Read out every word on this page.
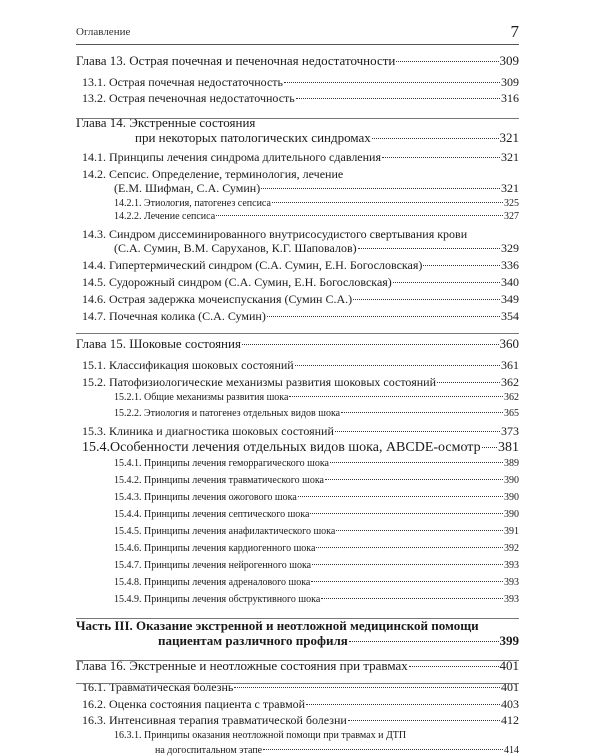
Оглавление	7
Глава 13. Острая почечная и печеночная недостаточности	309
13.1. Острая почечная недостаточность	309
13.2. Острая печеночная недостаточность	316
Глава 14. Экстренные состояния
при некоторых патологических синдромах	321
14.1. Принципы лечения синдрома длительного сдавления	321
14.2. Сепсис. Определение, терминология, лечение
(Е.М. Шифман, С.А. Сумин)	321
14.2.1. Этиология, патогенез сепсиса	325
14.2.2. Лечение сепсиса	327
14.3. Синдром диссеминированного внутрисосудистого свертывания крови
(С.А. Сумин, В.М. Саруханов, К.Г. Шаповалов)	329
14.4. Гипертермический синдром (С.А. Сумин, Е.Н. Богословская)	336
14.5. Судорожный синдром (С.А. Сумин, Е.Н. Богословская)	340
14.6. Острая задержка мочеиспускания (Сумин С.А.)	349
14.7. Почечная колика (С.А. Сумин)	354
Глава 15. Шоковые состояния	360
15.1. Классификация шоковых состояний	361
15.2. Патофизиологические механизмы развития шоковых состояний	362
15.2.1. Общие механизмы развития шока	362
15.2.2. Этиология и патогенез отдельных видов шока	365
15.3. Клиника и диагностика шоковых состояний	373
15.4.Особенности лечения отдельных видов шока, ABCDE-осмотр 381
15.4.1. Принципы лечения геморрагического шока	389
15.4.2. Принципы лечения травматического шока	390
15.4.3. Принципы лечения ожогового шока	390
15.4.4. Принципы лечения септического шока	390
15.4.5. Принципы лечения анафилактического шока	391
15.4.6. Принципы лечения кардиогенного шока	392
15.4.7. Принципы лечения нейрогенного шока	393
15.4.8. Принципы лечения адреналового шока	393
15.4.9. Принципы лечения обструктивного шока	393
Часть III. Оказание экстренной и неотложной медицинской помощи
пациентам различного профиля	399
Глава 16. Экстренные и неотложные состояния при травмах	401
16.1. Травматическая болезнь	401
16.2. Оценка состояния пациента с травмой	403
16.3. Интенсивная терапия травматической болезни	412
16.3.1. Принципы оказания неотложной помощи при травмах и ДТП
на догоспитальном этапе	414
